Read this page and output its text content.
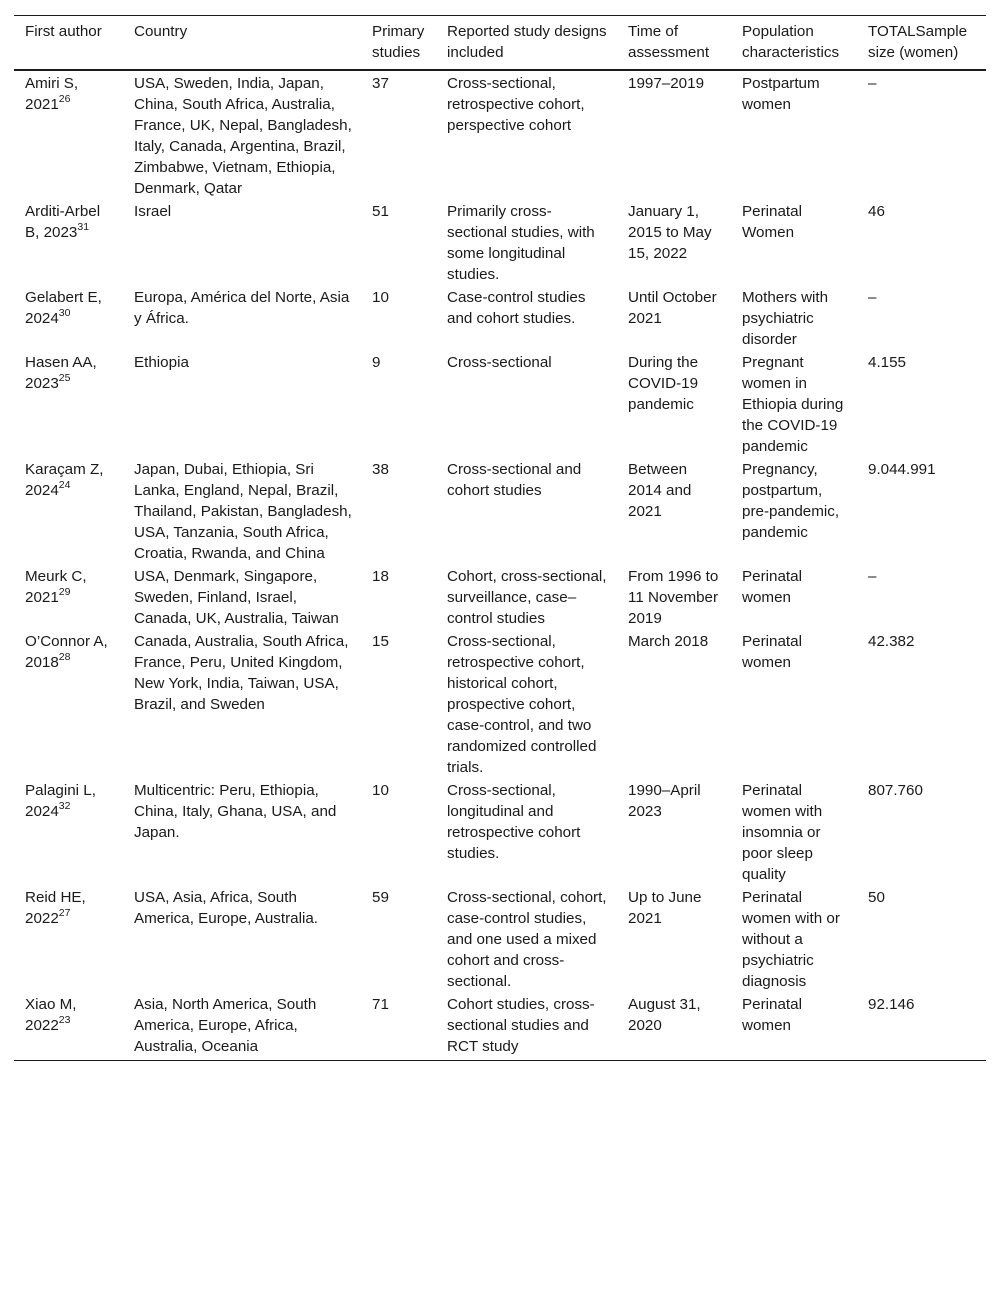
First author	Country	Primary studies	Reported study designs included	Time of assessment	Population characteristics	TOTALSample size (women)
Amiri S, 2021$^{26}$	USA, Sweden, India, Japan, China, South Africa, Australia, France, UK, Nepal, Bangladesh, Italy, Canada, Argentina, Brazil, Zimbabwe, Vietnam, Ethiopia, Denmark, Qatar	37	Cross-sectional, retrospective cohort, perspective cohort	1997–2019	Postpartum women	–
Arditi-Arbel B, 2023$^{31}$	Israel	51	Primarily cross-sectional studies, with some longitudinal studies.	January 1, 2015 to May 15, 2022	Perinatal Women	46
Gelabert E, 2024$^{30}$	Europa, América del Norte, Asia y África.	10	Case-control studies and cohort studies.	Until October 2021	Mothers with psychiatric disorder	–
Hasen AA, 2023$^{25}$	Ethiopia	9	Cross-sectional	During the COVID-19 pandemic	Pregnant women in Ethiopia during the COVID-19 pandemic	4.155
Karaçam Z, 2024$^{24}$	Japan, Dubai, Ethiopia, Sri Lanka, England, Nepal, Brazil, Thailand, Pakistan, Bangladesh, USA, Tanzania, South Africa, Croatia, Rwanda, and China	38	Cross-sectional and cohort studies	Between 2014 and 2021	Pregnancy, postpartum, pre-pandemic, pandemic	9.044.991
Meurk C, 2021$^{29}$	USA, Denmark, Singapore, Sweden, Finland, Israel, Canada, UK, Australia, Taiwan	18	Cohort, cross-sectional, surveillance, case–control studies	From 1996 to 11 November 2019	Perinatal women	–
O’Connor A, 2018$^{28}$	Canada, Australia, South Africa, France, Peru, United Kingdom, New York, India, Taiwan, USA, Brazil, and Sweden	15	Cross-sectional, retrospective cohort, historical cohort, prospective cohort, case-control, and two randomized controlled trials.	March 2018	Perinatal women	42.382
Palagini L, 2024$^{32}$	Multicentric: Peru, Ethiopia, China, Italy, Ghana, USA, and Japan.	10	Cross-sectional, longitudinal and retrospective cohort studies.	1990–April 2023	Perinatal women with insomnia or poor sleep quality	807.760
Reid HE, 2022$^{27}$	USA, Asia, Africa, South America, Europe, Australia.	59	Cross-sectional, cohort, case-control studies, and one used a mixed cohort and cross-sectional.	Up to June 2021	Perinatal women with or without a psychiatric diagnosis	50
Xiao M, 2022$^{23}$	Asia, North America, South America, Europe, Africa, Australia, Oceania	71	Cohort studies, cross-sectional studies and RCT study	August 31, 2020	Perinatal women	92.146
